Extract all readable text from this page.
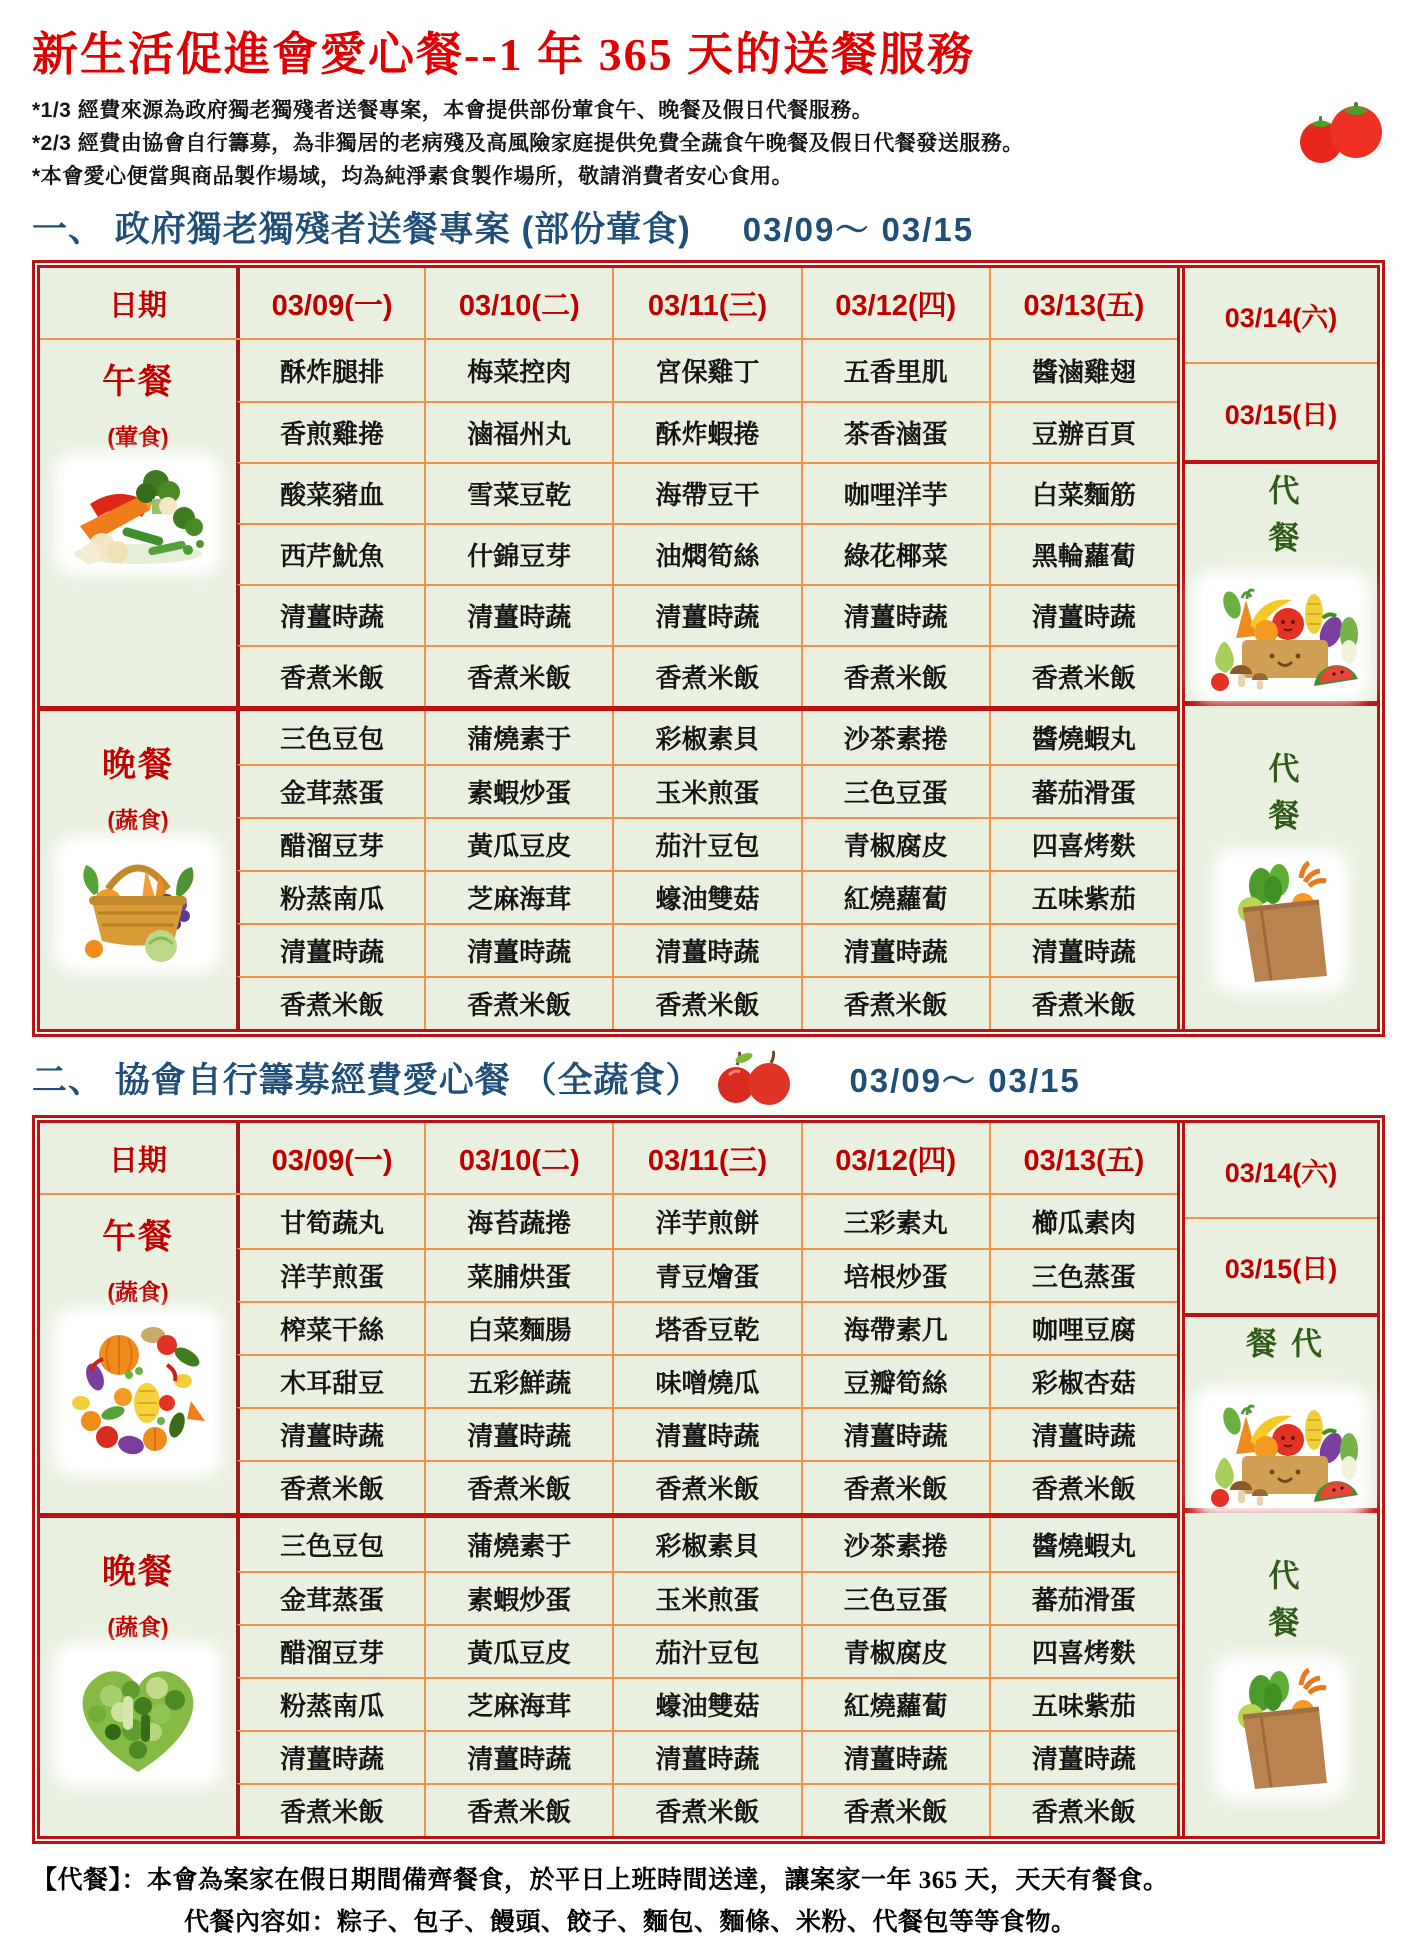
新生活促進會愛心餐--1 年 365 天的送餐服務

*1/3 經費來源為政府獨老獨殘者送餐專案，本會提供部份葷食午、晚餐及假日代餐服務。

*2/3 經費由協會自行籌募，為非獨居的老病殘及高風險家庭提供免費全蔬食午晚餐及假日代餐發送服務。

*本會愛心便當與商品製作場域，均為純淨素食製作場所，敬請消費者安心食用。

一、 政府獨老獨殘者送餐專案 (部份葷食) 03/09～ 03/15
日期	03/09(一)	03/10(二)	03/11(三)	03/12(四)	03/13(五)
午餐
(葷食)
酥炸腿排	梅菜控肉	宮保雞丁	五香里肌	醬滷雞翅
香煎雞捲	滷福州丸	酥炸蝦捲	茶香滷蛋	豆辦百頁
酸菜豬血	雪菜豆乾	海帶豆干	咖哩洋芋	白菜麵筋
西芹魷魚	什錦豆芽	油燜筍絲	綠花椰菜	黑輪蘿蔔
清薑時蔬	清薑時蔬	清薑時蔬	清薑時蔬	清薑時蔬
香煮米飯	香煮米飯	香煮米飯	香煮米飯	香煮米飯
晚餐
(蔬食)
三色豆包	蒲燒素于	彩椒素貝	沙茶素捲	醬燒蝦丸
金茸蒸蛋	素蝦炒蛋	玉米煎蛋	三色豆蛋	蕃茄滑蛋
醋溜豆芽	黃瓜豆皮	茄汁豆包	青椒腐皮	四喜烤麩
粉蒸南瓜	芝麻海茸	蠔油雙菇	紅燒蘿蔔	五味紫茄
清薑時蔬	清薑時蔬	清薑時蔬	清薑時蔬	清薑時蔬
香煮米飯	香煮米飯	香煮米飯	香煮米飯	香煮米飯
03/14(六)
03/15(日)
代餐
代餐
二、 協會自行籌募經費愛心餐 （全蔬食）	03/09～ 03/15
日期	03/09(一)	03/10(二)	03/11(三)	03/12(四)	03/13(五)
午餐
(蔬食)
甘筍蔬丸	海苔蔬捲	洋芋煎餅	三彩素丸	櫛瓜素肉
洋芋煎蛋	菜脯烘蛋	青豆燴蛋	培根炒蛋	三色蒸蛋
榨菜干絲	白菜麵腸	塔香豆乾	海帶素几	咖哩豆腐
木耳甜豆	五彩鮮蔬	味噌燒瓜	豆瓣筍絲	彩椒杏菇
清薑時蔬	清薑時蔬	清薑時蔬	清薑時蔬	清薑時蔬
香煮米飯	香煮米飯	香煮米飯	香煮米飯	香煮米飯
晚餐
(蔬食)
三色豆包	蒲燒素于	彩椒素貝	沙茶素捲	醬燒蝦丸
金茸蒸蛋	素蝦炒蛋	玉米煎蛋	三色豆蛋	蕃茄滑蛋
醋溜豆芽	黃瓜豆皮	茄汁豆包	青椒腐皮	四喜烤麩
粉蒸南瓜	芝麻海茸	蠔油雙菇	紅燒蘿蔔	五味紫茄
清薑時蔬	清薑時蔬	清薑時蔬	清薑時蔬	清薑時蔬
香煮米飯	香煮米飯	香煮米飯	香煮米飯	香煮米飯
03/14(六)
03/15(日)
代餐
代餐

【代餐】：本會為案家在假日期間備齊餐食，於平日上班時間送達，讓案家一年 365 天，天天有餐食。

代餐內容如：粽子、包子、饅頭、餃子、麵包、麵條、米粉、代餐包等等食物。
